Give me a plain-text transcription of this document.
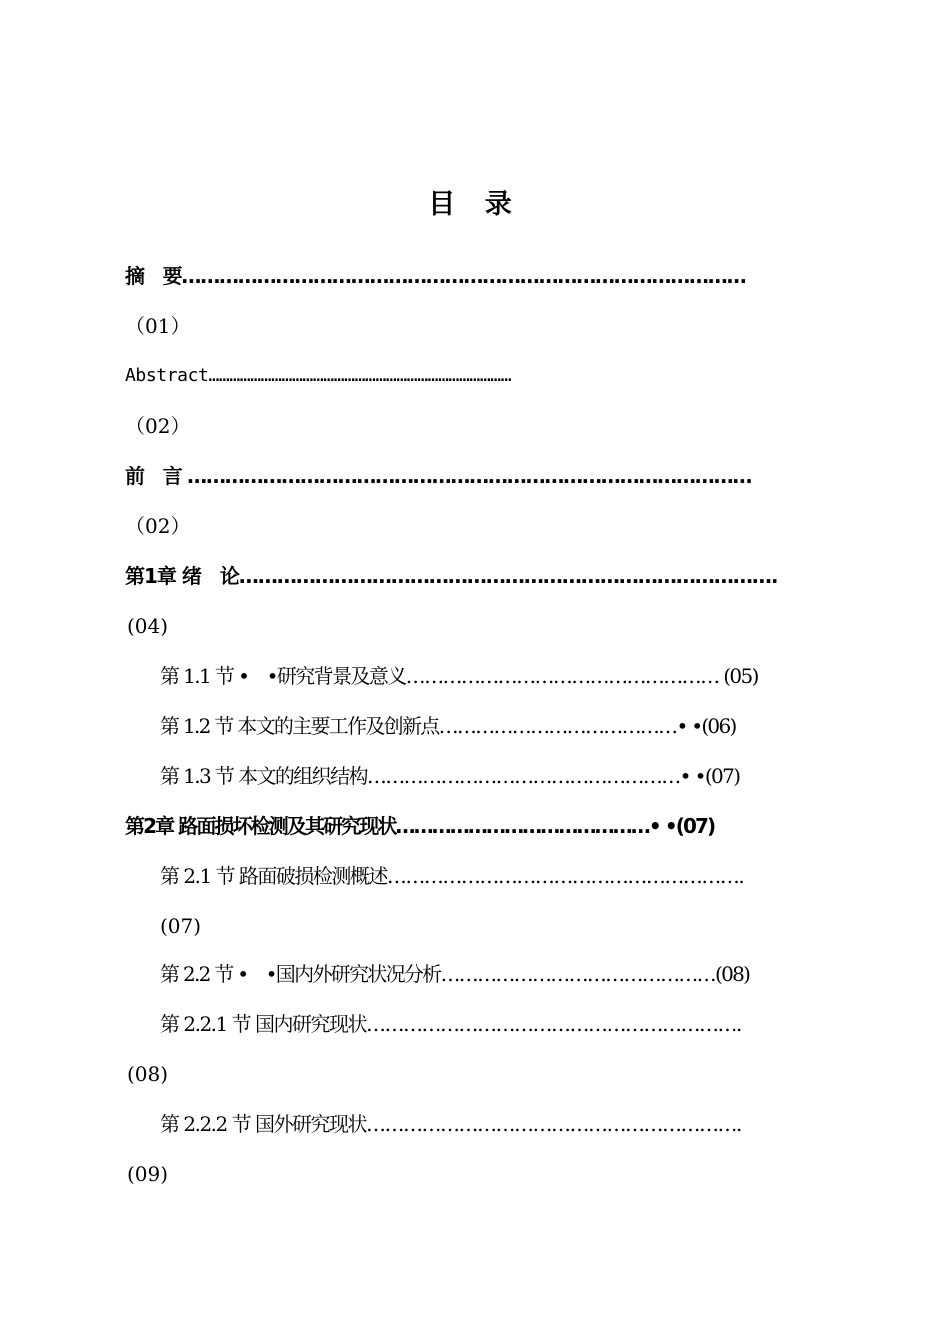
目 录
摘　要………………………………………………………………………………
（01）
Abstract……………………………………………………………………………
（02）
前　言 ………………………………………………………………………………
（02）
第1章 绪　论………………………………………………………………………….
(04)
第 1.1 节 •　•研究背景及意义…………………………………………… (05)
第 1.2 节 本文的主要工作及创新点…………………………………• •(06)
第 1.3 节 本文的组织结构……………………………………………• •(07)
第2章 路面损坏检测及其研究现状……………………………………• •(07)
第 2.1 节 路面破损检测概述………………………………………………….
(07)
第 2.2 节 •　•国内外研究状况分析………………………………………(08)
第 2.2.1 节 国内研究现状…………………………………………………….
(08)
第 2.2.2 节 国外研究现状…………………………………………………….
(09)
